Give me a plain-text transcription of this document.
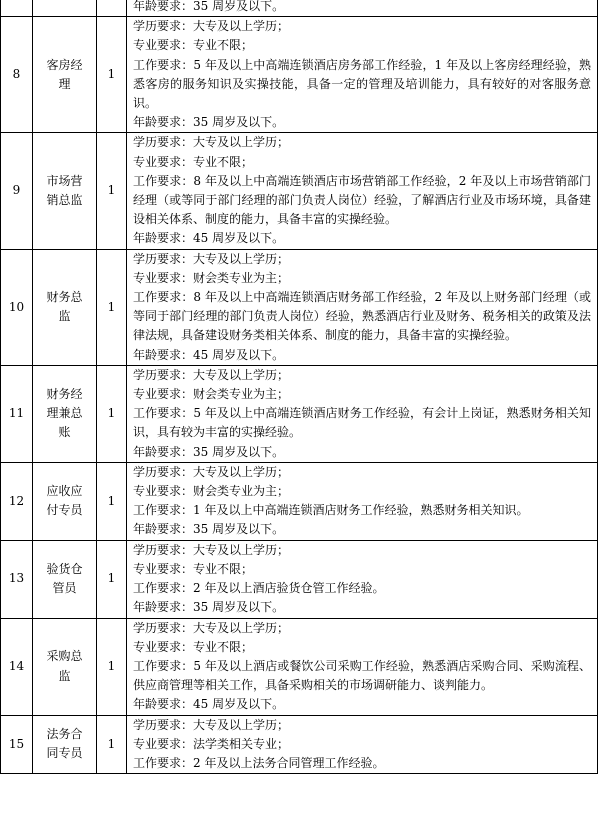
			年龄要求：35 周岁及以下。

8	客房经理	1	学历要求：大专及以上学历；
专业要求：专业不限；
工作要求：5 年及以上中高端连锁酒店房务部工作经验，1 年及以上客房经理经验，熟悉客房的服务知识及实操技能，具备一定的管理及培训能力，具有较好的对客服务意识。
年龄要求：35 周岁及以下。

9	市场营销总监	1	学历要求：大专及以上学历；
专业要求：专业不限；
工作要求：8 年及以上中高端连锁酒店市场营销部工作经验，2 年及以上市场营销部门经理（或等同于部门经理的部门负责人岗位）经验，了解酒店行业及市场环境，具备建设相关体系、制度的能力，具备丰富的实操经验。
年龄要求：45 周岁及以下。

10	财务总监	1	学历要求：大专及以上学历；
专业要求：财会类专业为主；
工作要求：8 年及以上中高端连锁酒店财务部工作经验，2 年及以上财务部门经理（或等同于部门经理的部门负责人岗位）经验，熟悉酒店行业及财务、税务相关的政策及法律法规，具备建设财务类相关体系、制度的能力，具备丰富的实操经验。
年龄要求：45 周岁及以下。

11	财务经理兼总账	1	学历要求：大专及以上学历；
专业要求：财会类专业为主；
工作要求：5 年及以上中高端连锁酒店财务工作经验，有会计上岗证，熟悉财务相关知识，具有较为丰富的实操经验。
年龄要求：35 周岁及以下。

12	应收应付专员	1	学历要求：大专及以上学历；
专业要求：财会类专业为主；
工作要求：1 年及以上中高端连锁酒店财务工作经验，熟悉财务相关知识。
年龄要求：35 周岁及以下。

13	验货仓管员	1	学历要求：大专及以上学历；
专业要求：专业不限；
工作要求：2 年及以上酒店验货仓管工作经验。
年龄要求：35 周岁及以下。

14	采购总监	1	学历要求：大专及以上学历；
专业要求：专业不限；
工作要求：5 年及以上酒店或餐饮公司采购工作经验，熟悉酒店采购合同、采购流程、供应商管理等相关工作，具备采购相关的市场调研能力、谈判能力。
年龄要求：45 周岁及以下。

15	法务合同专员	1	学历要求：大专及以上学历；
专业要求：法学类相关专业；
工作要求：2 年及以上法务合同管理工作经验。
